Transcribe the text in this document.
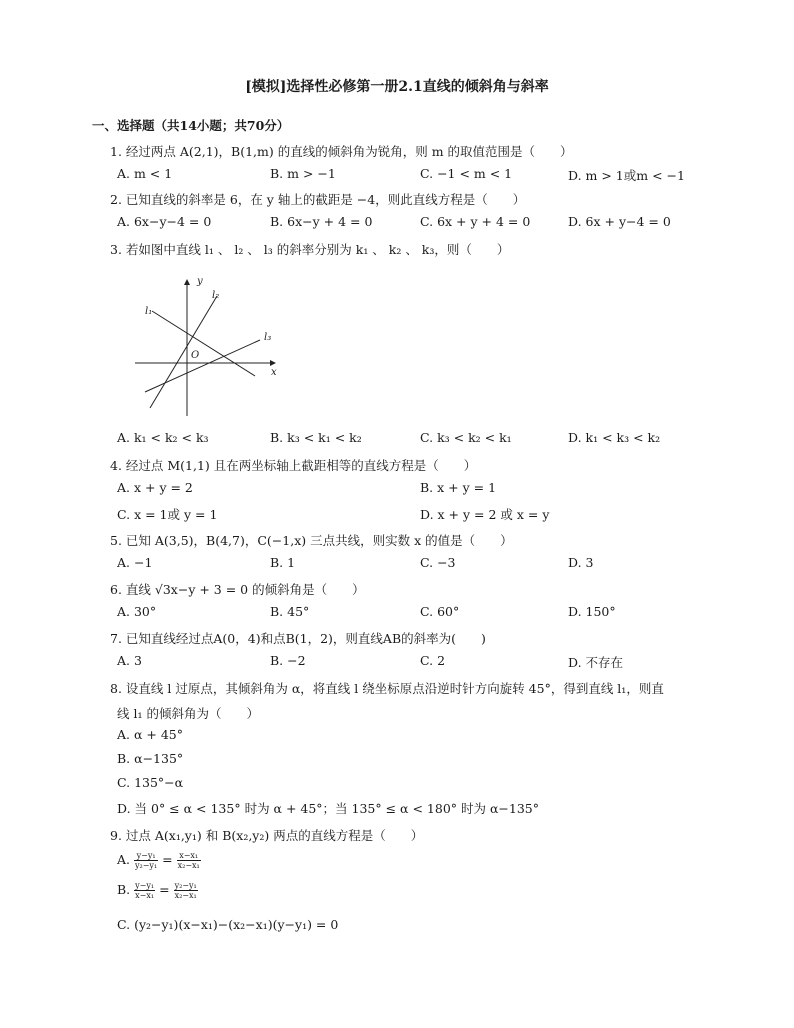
[模拟]选择性必修第一册2.1直线的倾斜角与斜率
一、选择题（共14小题；共70分）
1. 经过两点 A(2,1)，B(1,m) 的直线的倾斜角为锐角，则 m 的取值范围是（　　）
A. m < 1	B. m > −1	C. −1 < m < 1	D. m > 1或m < −1
2. 已知直线的斜率是 6，在 y 轴上的截距是 −4，则此直线方程是（　　）
A. 6x−y−4 = 0	B. 6x−y + 4 = 0	C. 6x + y + 4 = 0	D. 6x + y−4 = 0
3. 若如图中直线 l₁ 、 l₂ 、 l₃ 的斜率分别为 k₁ 、 k₂ 、 k₃，则（　　）
y
x
O
l₁
l₂
l₃
A. k₁ < k₂ < k₃	B. k₃ < k₁ < k₂	C. k₃ < k₂ < k₁	D. k₁ < k₃ < k₂
4. 经过点 M(1,1) 且在两坐标轴上截距相等的直线方程是（　　）
A. x + y = 2	B. x + y = 1
C. x = 1或 y = 1	D. x + y = 2 或 x = y
5. 已知 A(3,5)，B(4,7)，C(−1,x) 三点共线，则实数 x 的值是（　　）
A. −1	B. 1	C. −3	D. 3
6. 直线 √3x−y + 3 = 0 的倾斜角是（　　）
A. 30°	B. 45°	C. 60°	D. 150°
7. 已知直线经过点A(0，4)和点B(1，2)，则直线AB的斜率为(　　)
A. 3	B. −2	C. 2	D. 不存在
8. 设直线 l 过原点，其倾斜角为 α，将直线 l 绕坐标原点沿逆时针方向旋转 45°，得到直线 l₁，则直
线 l₁ 的倾斜角为（　　）
A. α + 45°
B. α−135°
C. 135°−α
D. 当 0° ≤ α < 135° 时为 α + 45°；当 135° ≤ α < 180° 时为 α−135°
9. 过点 A(x₁,y₁) 和 B(x₂,y₂) 两点的直线方程是（　　）
A. $\frac{\text{y−y₁}}{\text{y₂−y₁}} = \frac{\text{x−x₁}}{\text{x₂−x₁}}$
B. $\frac{\text{y−y₁}}{\text{x−x₁}} = \frac{\text{y₂−y₁}}{\text{x₂−x₁}}$
C. (y₂−y₁)(x−x₁)−(x₂−x₁)(y−y₁) = 0
